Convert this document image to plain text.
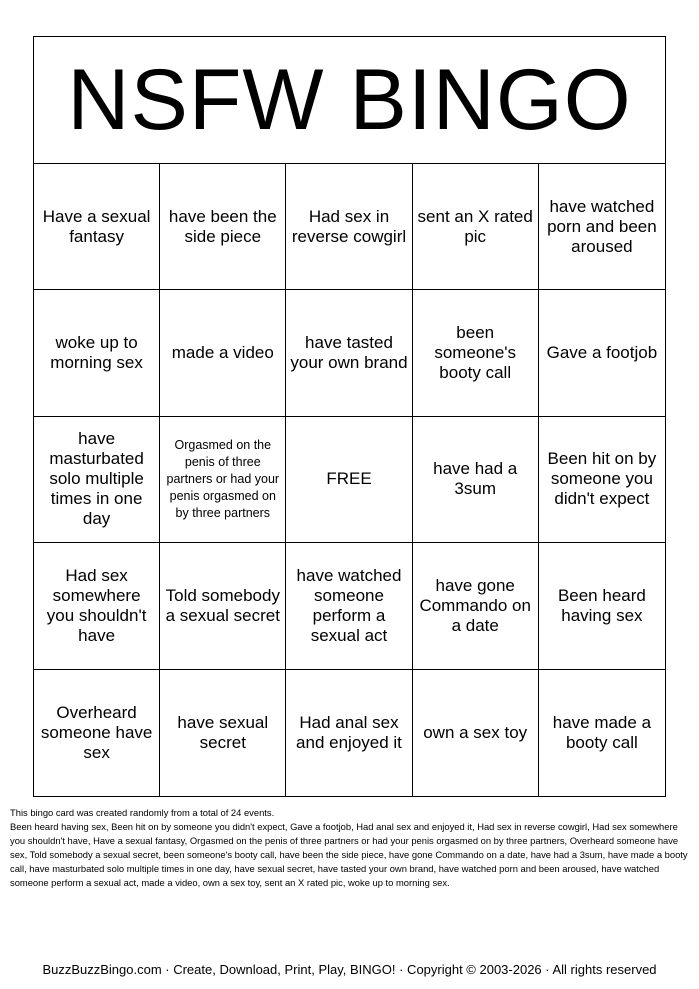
NSFW BINGO
Have a sexual fantasy
have been the side piece
Had sex in reverse cowgirl
sent an X rated pic
have watched porn and been aroused
woke up to morning sex
made a video
have tasted your own brand
been someone's booty call
Gave a footjob
have masturbated solo multiple times in one day
Orgasmed on the penis of three partners or had your penis orgasmed on by three partners
FREE
have had a 3sum
Been hit on by someone you didn't expect
Had sex somewhere you shouldn't have
Told somebody a sexual secret
have watched someone perform a sexual act
have gone Commando on a date
Been heard having sex
Overheard someone have sex
have sexual secret
Had anal sex and enjoyed it
own a sex toy
have made a booty call
This bingo card was created randomly from a total of 24 events.
Been heard having sex, Been hit on by someone you didn't expect, Gave a footjob, Had anal sex and enjoyed it, Had sex in reverse cowgirl, Had sex somewhere you shouldn't have, Have a sexual fantasy, Orgasmed on the penis of three partners or had your penis orgasmed on by three partners, Overheard someone have sex, Told somebody a sexual secret, been someone's booty call, have been the side piece, have gone Commando on a date, have had a 3sum, have made a booty call, have masturbated solo multiple times in one day, have sexual secret, have tasted your own brand, have watched porn and been aroused, have watched someone perform a sexual act, made a video, own a sex toy, sent an X rated pic, woke up to morning sex.
BuzzBuzzBingo.com · Create, Download, Print, Play, BINGO! · Copyright © 2003-2026 · All rights reserved
